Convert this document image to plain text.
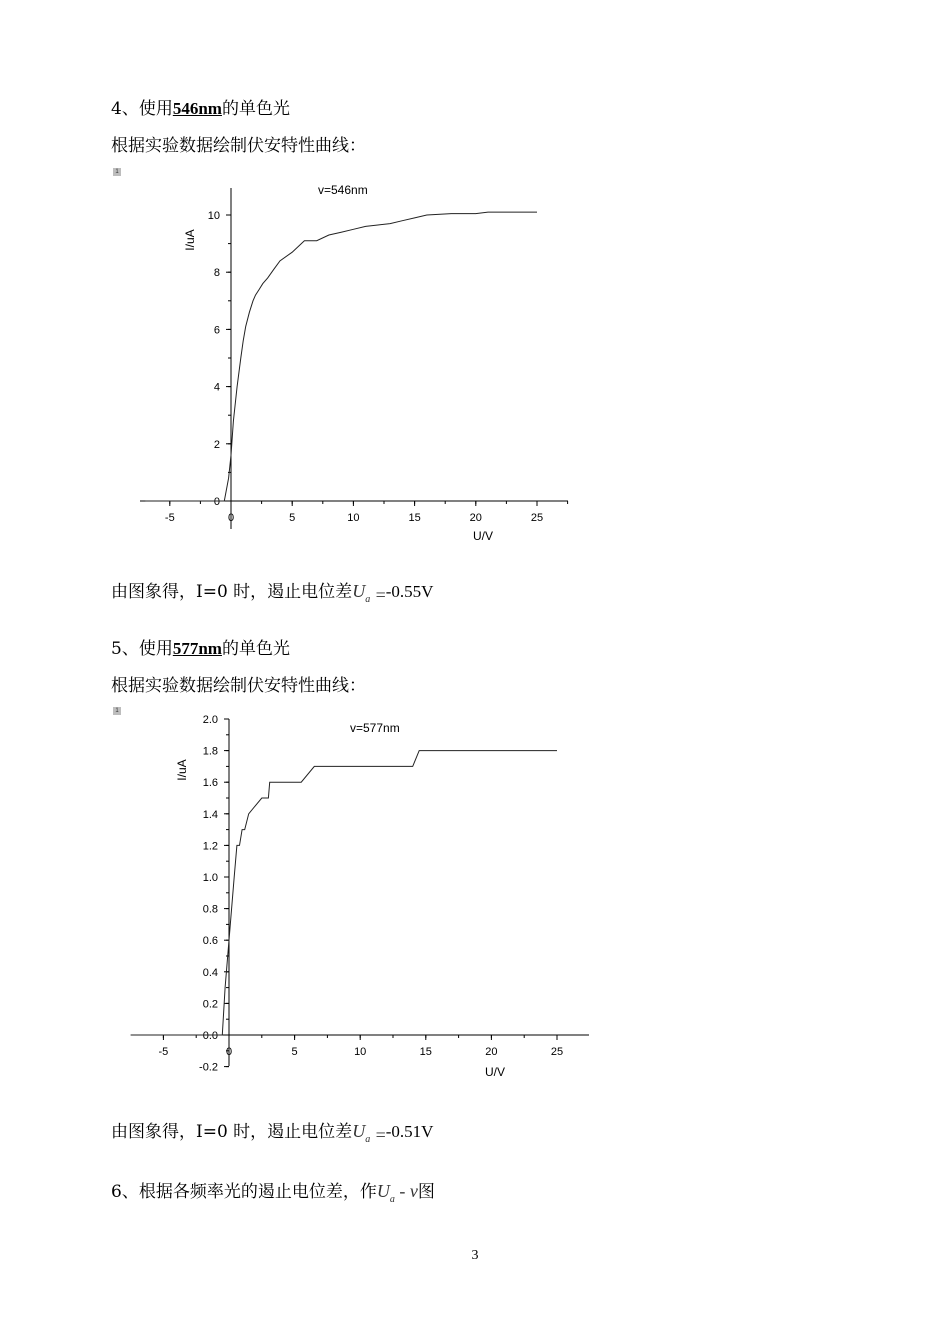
4、使用546nm的单色光
根据实验数据绘制伏安特性曲线：
1
-5	0	5	10	15	20	25
0
2
4
6
8
10
U/V
I/uA
v=546nm
由图象得，I=0 时，遏止电位差$U_a =-0.55V$
5、使用577nm的单色光
根据实验数据绘制伏安特性曲线：
1
-5	0	5	10	15	20	25
-0.2
0.0
0.2
0.4
0.6
0.8
1.0
1.2
1.4
1.6
1.8
2.0
U/V
I/uA
v=577nm
由图象得，I=0 时，遏止电位差$U_a =-0.51V$
6、根据各频率光的遏止电位差，作$U_a$ - ν图
3
